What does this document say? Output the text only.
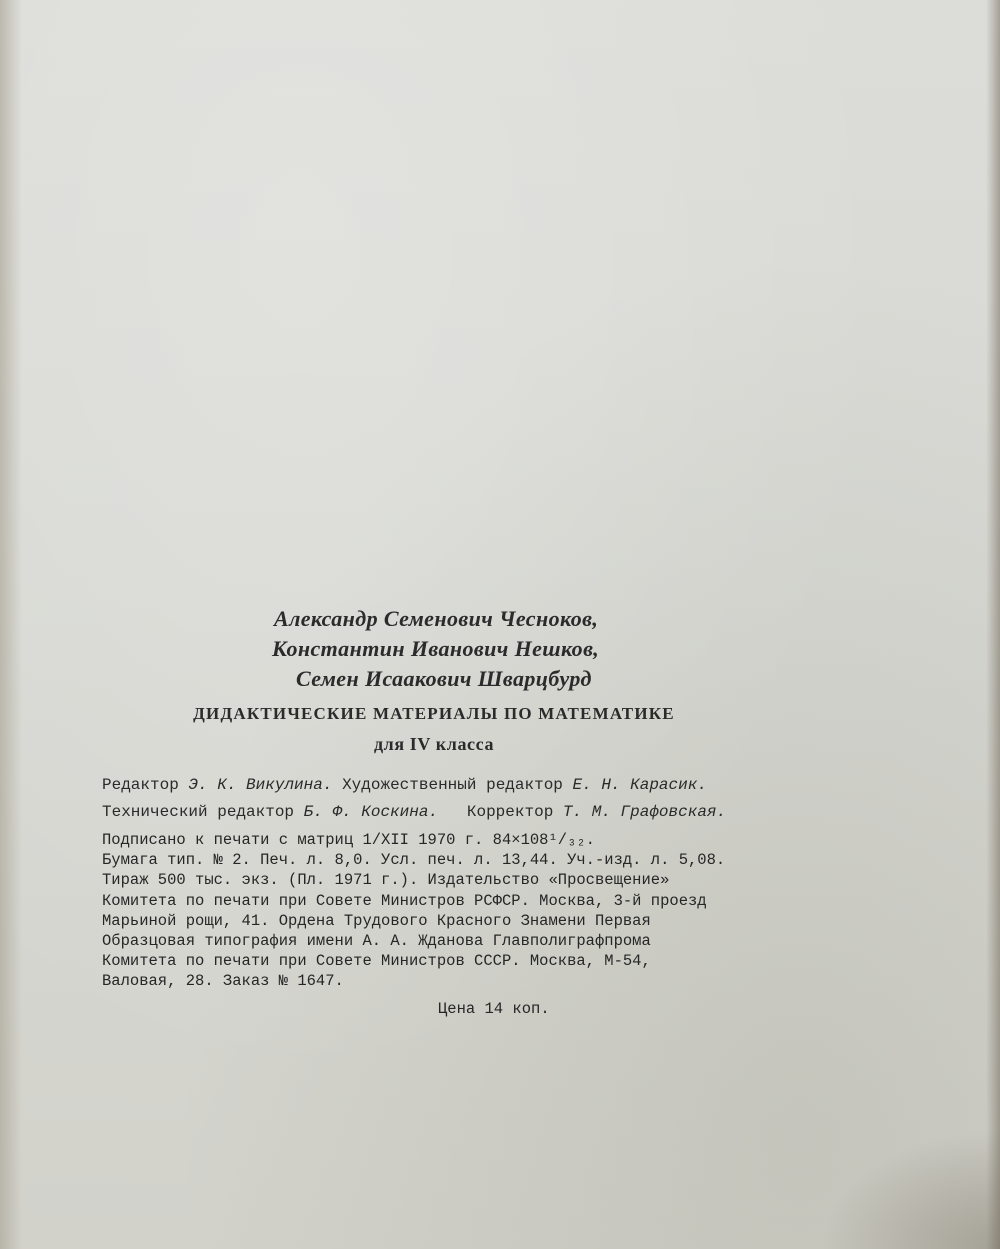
Александр Семенович Чесноков,
Константин Иванович Нешков,
Семен Исаакович Шварцбурд
ДИДАКТИЧЕСКИЕ МАТЕРИАЛЫ ПО МАТЕМАТИКЕ
для IV класса
Редактор Э. К. Викулина. Художественный редактор Е. Н. Карасик.
Технический редактор Б. Ф. Коскина. Корректор Т. М. Графовская.
Подписано к печати с матриц 1/XII 1970 г. 84×108¹/₃₂.
Бумага тип. № 2. Печ. л. 8,0. Усл. печ. л. 13,44. Уч.-изд. л. 5,08.
Тираж 500 тыс. экз. (Пл. 1971 г.). Издательство «Просвещение»
Комитета по печати при Совете Министров РСФСР. Москва, 3-й проезд
Марьиной рощи, 41. Ордена Трудового Красного Знамени Первая
Образцовая типография имени А. А. Жданова Главполиграфпрома
Комитета по печати при Совете Министров СССР. Москва, М-54,
Валовая, 28. Заказ № 1647.
Цена 14 коп.
